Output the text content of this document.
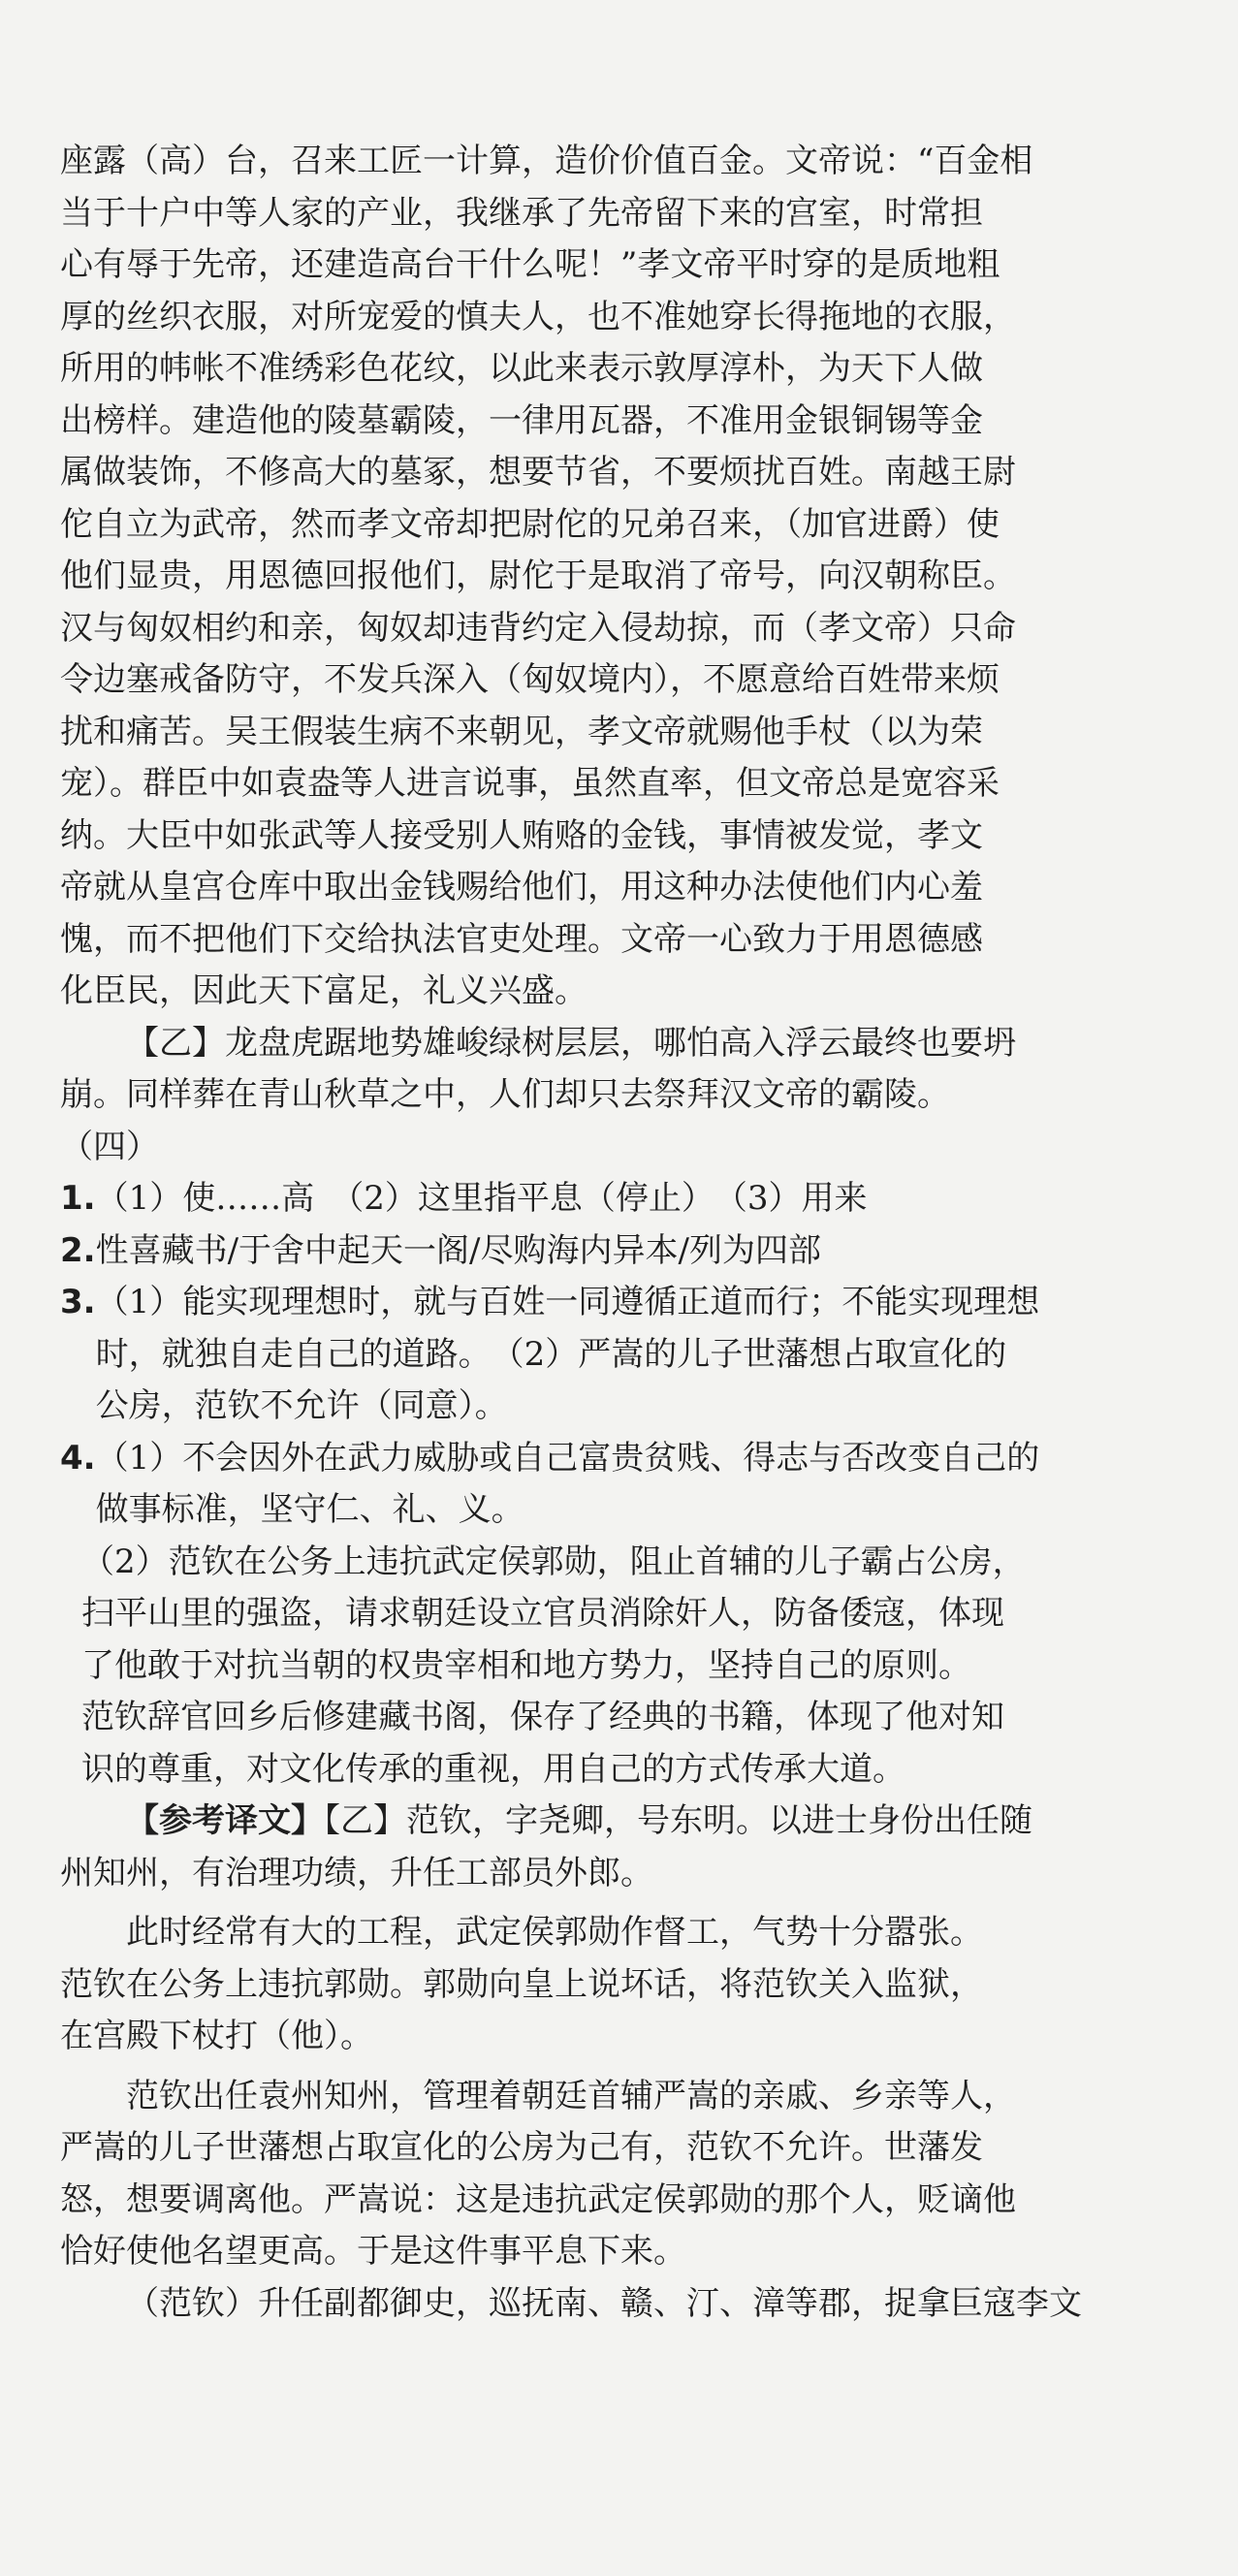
座露（高）台，召来工匠一计算，造价价值百金。文帝说：“百金相
当于十户中等人家的产业，我继承了先帝留下来的宫室，时常担
心有辱于先帝，还建造高台干什么呢！”孝文帝平时穿的是质地粗
厚的丝织衣服，对所宠爱的慎夫人，也不准她穿长得拖地的衣服，
所用的帏帐不准绣彩色花纹，以此来表示敦厚淳朴，为天下人做
出榜样。建造他的陵墓霸陵，一律用瓦器，不准用金银铜锡等金
属做装饰，不修高大的墓冢，想要节省，不要烦扰百姓。南越王尉
佗自立为武帝，然而孝文帝却把尉佗的兄弟召来，（加官进爵）使
他们显贵，用恩德回报他们，尉佗于是取消了帝号，向汉朝称臣。
汉与匈奴相约和亲，匈奴却违背约定入侵劫掠，而（孝文帝）只命
令边塞戒备防守，不发兵深入（匈奴境内），不愿意给百姓带来烦
扰和痛苦。吴王假装生病不来朝见，孝文帝就赐他手杖（以为荣
宠）。群臣中如袁盎等人进言说事，虽然直率，但文帝总是宽容采
纳。大臣中如张武等人接受别人贿赂的金钱，事情被发觉，孝文
帝就从皇宫仓库中取出金钱赐给他们，用这种办法使他们内心羞
愧，而不把他们下交给执法官吏处理。文帝一心致力于用恩德感
化臣民，因此天下富足，礼义兴盛。

【乙】龙盘虎踞地势雄峻绿树层层，哪怕高入浮云最终也要坍
崩。同样葬在青山秋草之中，人们却只去祭拜汉文帝的霸陵。

（四）

1. （1）使……高　（2）这里指平息（停止）　（3）用来
2. 性喜藏书/于舍中起天一阁/尽购海内异本/列为四部
3. （1）能实现理想时，就与百姓一同遵循正道而行；不能实现理想
时，就独自走自己的道路。　（2）严嵩的儿子世藩想占取宣化的
公房，范钦不允许（同意）。
4. （1）不会因外在武力威胁或自己富贵贫贱、得志与否改变自己的
做事标准，坚守仁、礼、义。

（2）范钦在公务上违抗武定侯郭勋，阻止首辅的儿子霸占公房，
扫平山里的强盗，请求朝廷设立官员消除奸人，防备倭寇，体现
了他敢于对抗当朝的权贵宰相和地方势力，坚持自己的原则。
范钦辞官回乡后修建藏书阁，保存了经典的书籍，体现了他对知
识的尊重，对文化传承的重视，用自己的方式传承大道。

【参考译文】【乙】范钦，字尧卿，号东明。以进士身份出任随
州知州，有治理功绩，升任工部员外郎。

此时经常有大的工程，武定侯郭勋作督工，气势十分嚣张。
范钦在公务上违抗郭勋。郭勋向皇上说坏话，将范钦关入监狱，
在宫殿下杖打（他）。

范钦出任袁州知州，管理着朝廷首辅严嵩的亲戚、乡亲等人，
严嵩的儿子世藩想占取宣化的公房为己有，范钦不允许。世藩发
怒，想要调离他。严嵩说：这是违抗武定侯郭勋的那个人，贬谪他
恰好使他名望更高。于是这件事平息下来。

（范钦）升任副都御史，巡抚南、赣、汀、漳等郡，捉拿巨寇李文
